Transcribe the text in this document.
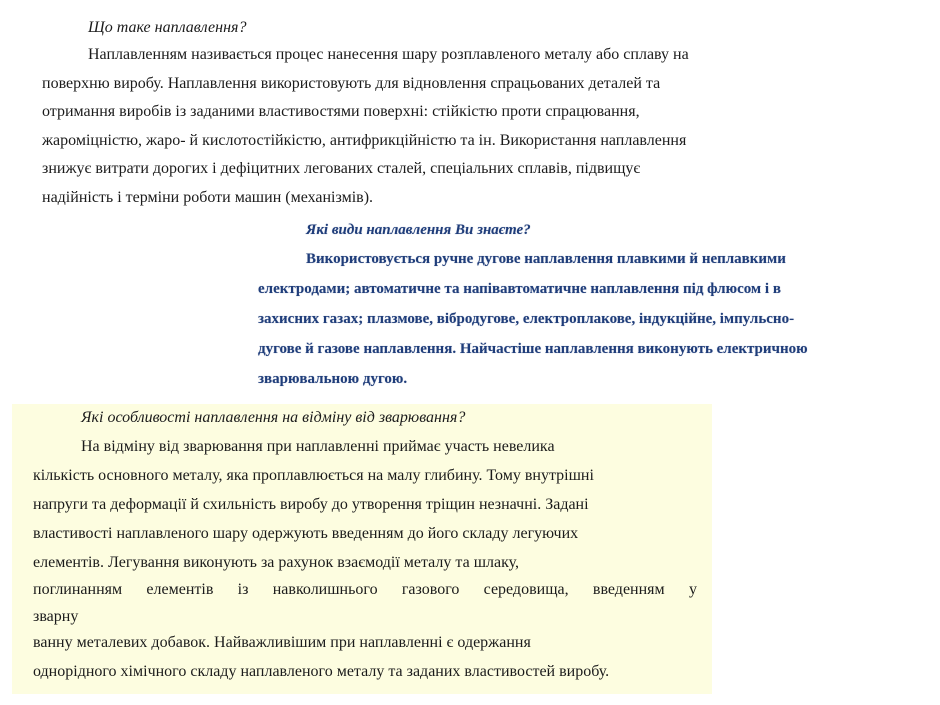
Що таке наплавлення?
Наплавленням називається процес нанесення шару розплавленого металу або сплаву на поверхню виробу. Наплавлення використовують для відновлення спрацьованих деталей та отримання виробів із заданими властивостями поверхні: стійкістю проти спрацювання, жароміцністю, жаро- й кислотостійкістю, антифрикційністю та ін. Використання наплавлення знижує витрати дорогих і дефіцитних легованих сталей, спеціальних сплавів, підвищує надійність і терміни роботи машин (механізмів).
Які види наплавлення Ви знаєте?
Використовується ручне дугове наплавлення плавкими й неплавкими
електродами; автоматичне та напівавтоматичне наплавлення під флюсом і в
захисних газах; плазмове, вібродугове, електроплакове, індукційне, імпульсно-
дугове й газове наплавлення. Найчастіше наплавлення виконують електричною
зварювальною дугою.
Які особливості наплавлення на відміну від зварювання?
На відміну від зварювання при наплавленні приймає участь невелика
кількість основного металу, яка проплавлюється на малу глибину. Тому внутрішні
напруги та деформації й схильність виробу до утворення тріщин незначні. Задані
властивості наплавленого шару одержують введенням до його складу легуючих
елементів. Легування виконують за рахунок взаємодії металу та шлаку,
поглинанням елементів із навколишнього газового середовища, введенням у
зварну
ванну металевих добавок. Найважливішим при наплавленні є одержання
однорідного хімічного складу наплавленого металу та заданих властивостей виробу.
